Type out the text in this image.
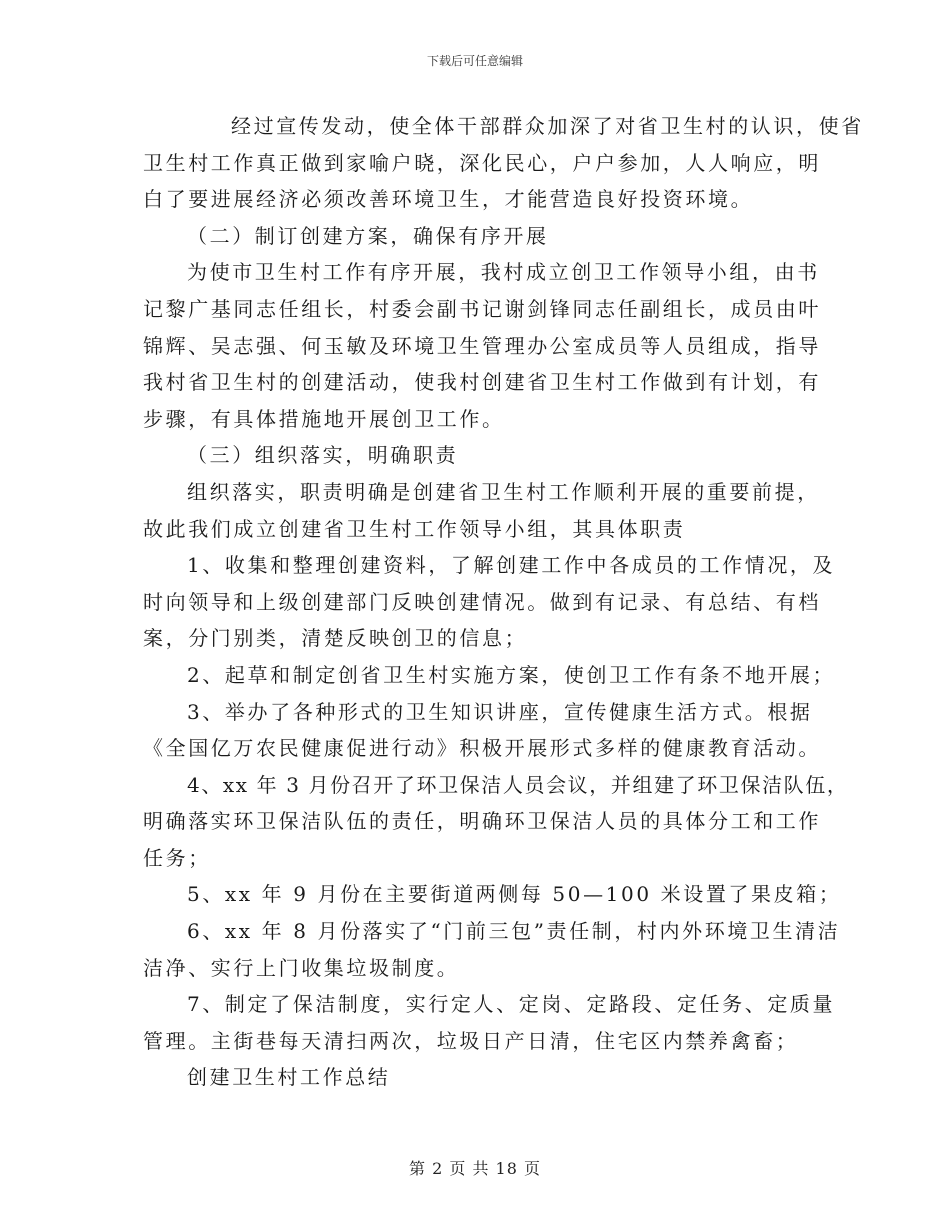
下载后可任意编辑
经过宣传发动，使全体干部群众加深了对省卫生村的认识，使省
卫生村工作真正做到家喻户晓，深化民心，户户参加，人人响应，明
白了要进展经济必须改善环境卫生，才能营造良好投资环境。
（二）制订创建方案，确保有序开展
为使市卫生村工作有序开展，我村成立创卫工作领导小组，由书
记黎广基同志任组长，村委会副书记谢剑锋同志任副组长，成员由叶
锦辉、吴志强、何玉敏及环境卫生管理办公室成员等人员组成，指导
我村省卫生村的创建活动，使我村创建省卫生村工作做到有计划，有
步骤，有具体措施地开展创卫工作。
（三）组织落实，明确职责
组织落实，职责明确是创建省卫生村工作顺利开展的重要前提，
故此我们成立创建省卫生村工作领导小组，其具体职责
1、收集和整理创建资料，了解创建工作中各成员的工作情况，及
时向领导和上级创建部门反映创建情况。做到有记录、有总结、有档
案，分门别类，清楚反映创卫的信息；
2、起草和制定创省卫生村实施方案，使创卫工作有条不地开展；
3、举办了各种形式的卫生知识讲座，宣传健康生活方式。根据
《全国亿万农民健康促进行动》积极开展形式多样的健康教育活动。
4、xx 年 3 月份召开了环卫保洁人员会议，并组建了环卫保洁队伍，
明确落实环卫保洁队伍的责任，明确环卫保洁人员的具体分工和工作
任务；
5、xx 年 9 月份在主要街道两侧每 50—100 米设置了果皮箱；
6、xx 年 8 月份落实了“门前三包”责任制，村内外环境卫生清洁
洁净、实行上门收集垃圾制度。
7、制定了保洁制度，实行定人、定岗、定路段、定任务、定质量
管理。主街巷每天清扫两次，垃圾日产日清，住宅区内禁养禽畜；
创建卫生村工作总结
第 2 页 共 18 页
